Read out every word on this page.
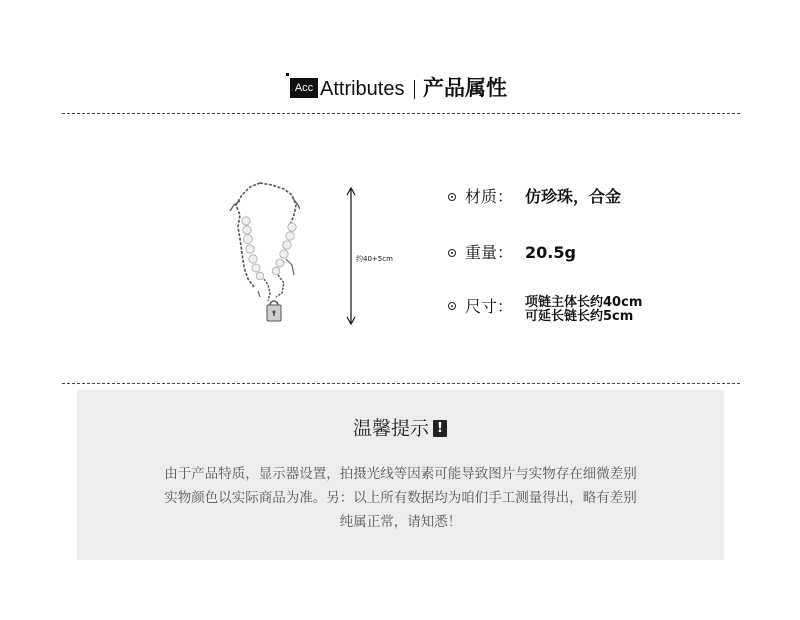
Acc Attributes 产品属性
约40+5cm
材质： 仿珍珠，合金
重量： 20.5g
尺寸： 项链主体长约40cm
可延长链长约5cm
温馨提示 !
由于产品特质，显示器设置，拍摄光线等因素可能导致图片与实物存在细微差别
实物颜色以实际商品为准。另：以上所有数据均为咱们手工测量得出，略有差别
纯属正常，请知悉！
